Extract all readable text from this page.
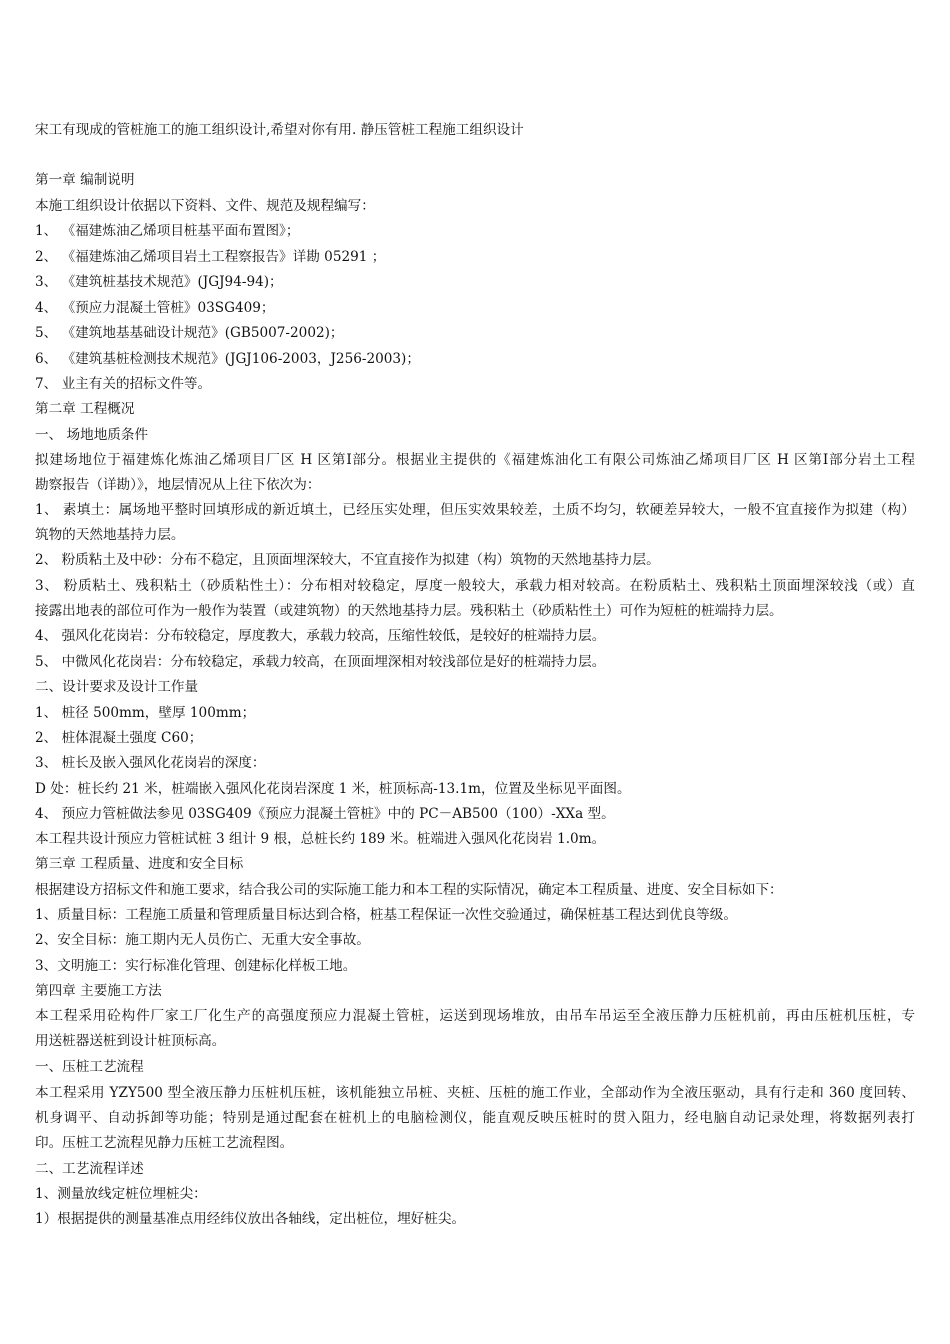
宋工有现成的管桩施工的施工组织设计,希望对你有用. 静压管桩工程施工组织设计
第一章 编制说明
本施工组织设计依据以下资料、文件、规范及规程编写：
1、 《福建炼油乙烯项目桩基平面布置图》；
2、 《福建炼油乙烯项目岩土工程察报告》详勘 05291 ；
3、 《建筑桩基技术规范》(JGJ94-94)；
4、 《预应力混凝土管桩》03SG409；
5、 《建筑地基基础设计规范》(GB5007-2002)；
6、 《建筑基桩检测技术规范》(JGJ106-2003，J256-2003)；
7、 业主有关的招标文件等。
第二章 工程概况
一、 场地地质条件
拟建场地位于福建炼化炼油乙烯项目厂区 H 区第Ⅰ部分。根据业主提供的《福建炼油化工有限公司炼油乙烯项目厂区 H 区第Ⅰ部分岩土工程
勘察报告（详勘）》，地层情况从上往下依次为：
1、 素填土：属场地平整时回填形成的新近填土，已经压实处理，但压实效果较差，土质不均匀，软硬差异较大，一般不宜直接作为拟建（构）
筑物的天然地基持力层。
2、 粉质粘土及中砂：分布不稳定，且顶面埋深较大，不宜直接作为拟建（构）筑物的天然地基持力层。
3、 粉质粘土、残积粘土（砂质粘性土）：分布相对较稳定，厚度一般较大，承载力相对较高。在粉质粘土、残积粘土顶面埋深较浅（或）直
接露出地表的部位可作为一般作为装置（或建筑物）的天然地基持力层。残积粘土（砂质粘性土）可作为短桩的桩端持力层。
4、 强风化花岗岩：分布较稳定，厚度教大，承载力较高，压缩性较低，是较好的桩端持力层。
5、 中微风化花岗岩：分布较稳定，承载力较高，在顶面埋深相对较浅部位是好的桩端持力层。
二、设计要求及设计工作量
1、 桩径 500mm，壁厚 100mm；
2、 桩体混凝土强度 C60；
3、 桩长及嵌入强风化花岗岩的深度：
D 处：桩长约 21 米，桩端嵌入强风化花岗岩深度 1 米，桩顶标高-13.1m，位置及坐标见平面图。
4、 预应力管桩做法参见 03SG409《预应力混凝土管桩》中的 PC－AB500（100）-XXa 型。
本工程共设计预应力管桩试桩 3 组计 9 根，总桩长约 189 米。桩端进入强风化花岗岩 1.0m。
第三章 工程质量、进度和安全目标
根据建设方招标文件和施工要求，结合我公司的实际施工能力和本工程的实际情况，确定本工程质量、进度、安全目标如下：
1、质量目标：工程施工质量和管理质量目标达到合格，桩基工程保证一次性交验通过，确保桩基工程达到优良等级。
2、安全目标：施工期内无人员伤亡、无重大安全事故。
3、文明施工：实行标准化管理、创建标化样板工地。
第四章 主要施工方法
本工程采用砼构件厂家工厂化生产的高强度预应力混凝土管桩，运送到现场堆放，由吊车吊运至全液压静力压桩机前，再由压桩机压桩，专
用送桩器送桩到设计桩顶标高。
一、压桩工艺流程
本工程采用 YZY500 型全液压静力压桩机压桩，该机能独立吊桩、夹桩、压桩的施工作业，全部动作为全液压驱动，具有行走和 360 度回转、
机身调平、自动拆卸等功能；特别是通过配套在桩机上的电脑检测仪，能直观反映压桩时的贯入阻力，经电脑自动记录处理，将数据列表打
印。压桩工艺流程见静力压桩工艺流程图。
二、工艺流程详述
1、测量放线定桩位埋桩尖：
1）根据提供的测量基准点用经纬仪放出各轴线，定出桩位，埋好桩尖。
